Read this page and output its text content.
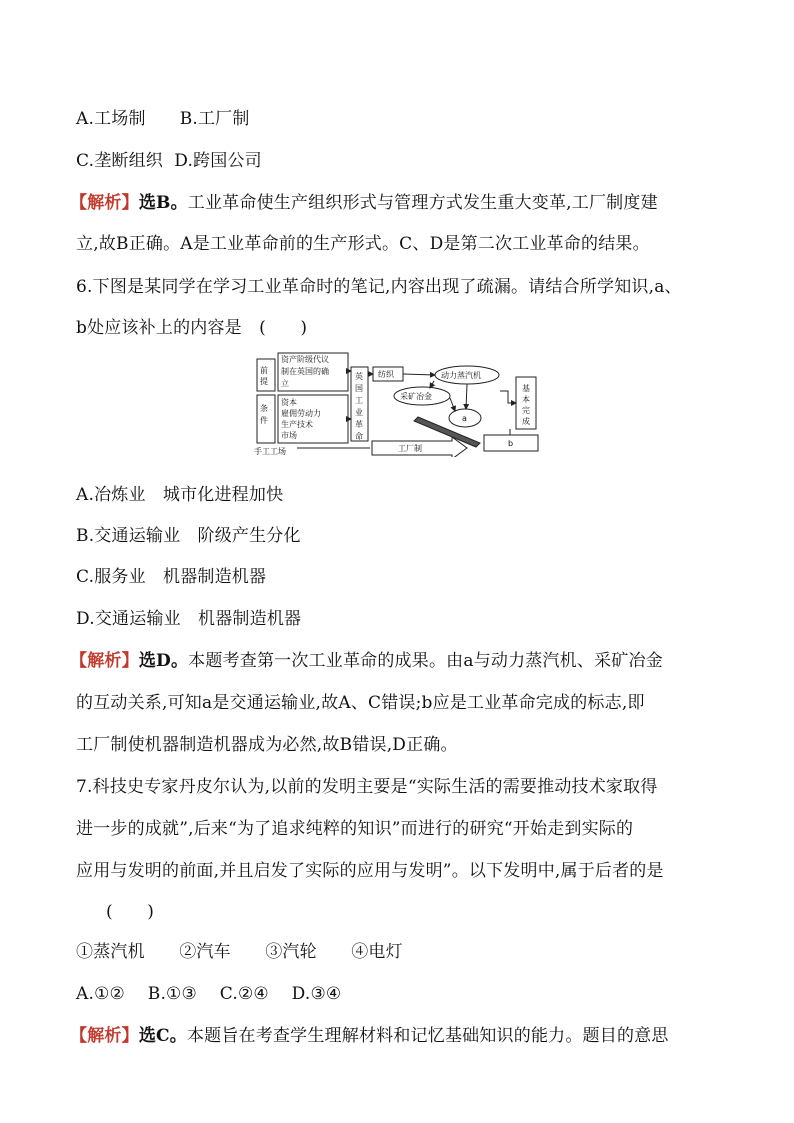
A.工场制 B.工厂制
C.垄断组织 D.跨国公司
【解析】选B。工业革命使生产组织形式与管理方式发生重大变革,工厂制度建
立,故B正确。A是工业革命前的生产形式。C、D是第二次工业革命的结果。
6.下图是某同学在学习工业革命时的笔记,内容出现了疏漏。请结合所学知识,a、
b处应该补上的内容是　(　　)
前
提
条
件
资产阶级代议
制在英国的确
立
资本
雇佣劳动力
生产技术
市场
英
国
工
业
革
命
纺织	动力蒸汽机
采矿冶金
a
b
基
本
完
成
手工工场	工厂制
A.冶炼业　城市化进程加快
B.交通运输业　阶级产生分化
C.服务业　机器制造机器
D.交通运输业　机器制造机器
【解析】选D。本题考查第一次工业革命的成果。由a与动力蒸汽机、采矿冶金
的互动关系,可知a是交通运输业,故A、C错误;b应是工业革命完成的标志,即
工厂制使机器制造机器成为必然,故B错误,D正确。
7.科技史专家丹皮尔认为,以前的发明主要是“实际生活的需要推动技术家取得
进一步的成就”,后来“为了追求纯粹的知识”而进行的研究“开始走到实际的
应用与发明的前面,并且启发了实际的应用与发明”。以下发明中,属于后者的是
(　　)
①蒸汽机　　②汽车　　③汽轮　　④电灯
A.①②　 B.①③　 C.②④　 D.③④
【解析】选C。本题旨在考查学生理解材料和记忆基础知识的能力。题目的意思
